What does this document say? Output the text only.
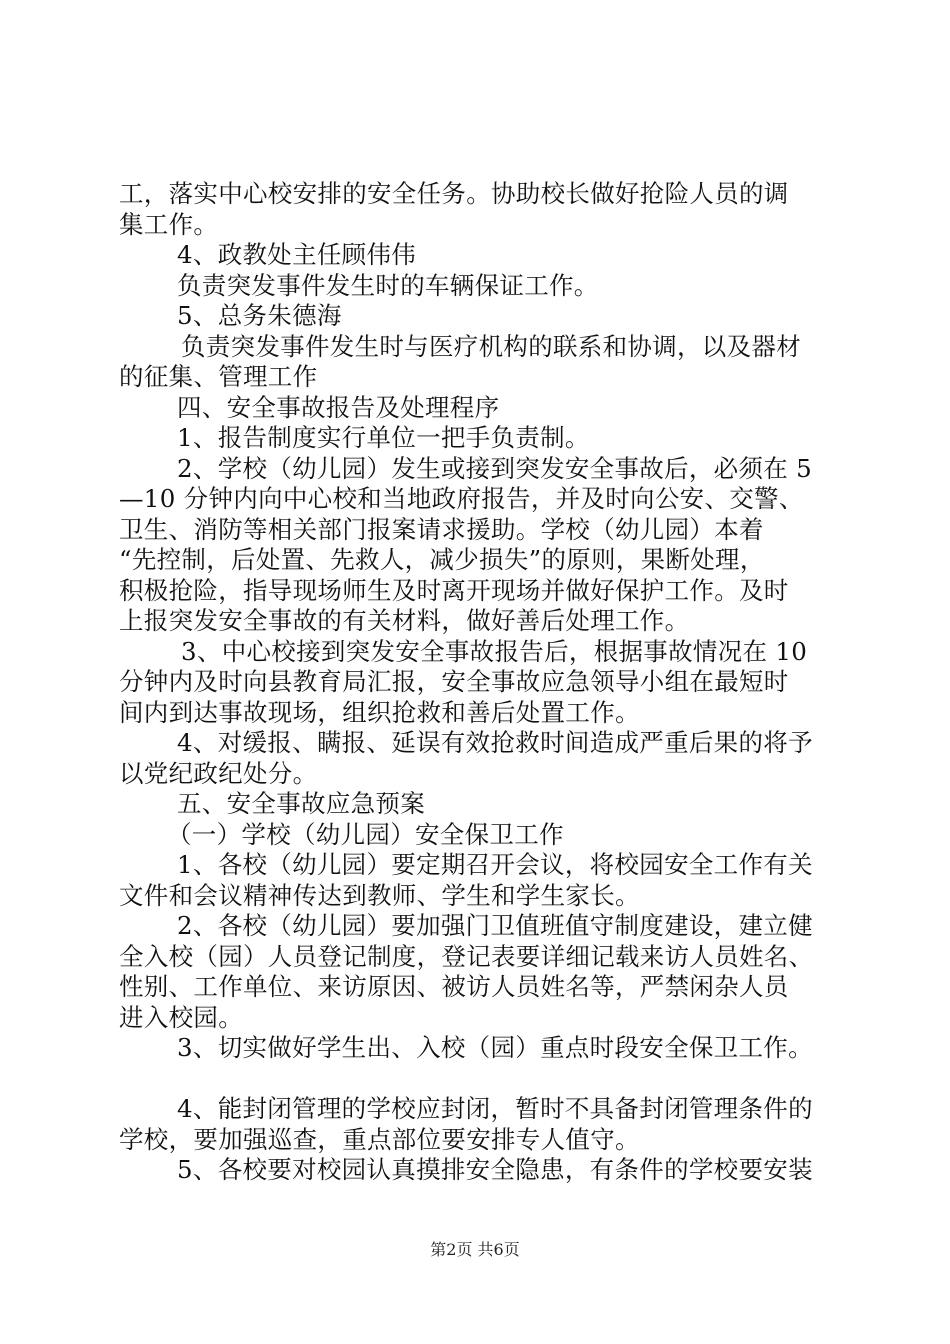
工，落实中心校安排的安全任务。协助校长做好抢险人员的调
集工作。
4、政教处主任顾伟伟
负责突发事件发生时的车辆保证工作。
5、总务朱德海
负责突发事件发生时与医疗机构的联系和协调，以及器材
的征集、管理工作
四、安全事故报告及处理程序
1、报告制度实行单位一把手负责制。
2、学校（幼儿园）发生或接到突发安全事故后，必须在 5
—10 分钟内向中心校和当地政府报告，并及时向公安、交警、
卫生、消防等相关部门报案请求援助。学校（幼儿园）本着
“先控制，后处置、先救人，减少损失”的原则，果断处理，
积极抢险，指导现场师生及时离开现场并做好保护工作。及时
上报突发安全事故的有关材料，做好善后处理工作。
3、中心校接到突发安全事故报告后，根据事故情况在 10
分钟内及时向县教育局汇报，安全事故应急领导小组在最短时
间内到达事故现场，组织抢救和善后处置工作。
4、对缓报、瞒报、延误有效抢救时间造成严重后果的将予
以党纪政纪处分。
五、安全事故应急预案
（一）学校（幼儿园）安全保卫工作
1、各校（幼儿园）要定期召开会议，将校园安全工作有关
文件和会议精神传达到教师、学生和学生家长。
2、各校（幼儿园）要加强门卫值班值守制度建设，建立健
全入校（园）人员登记制度，登记表要详细记载来访人员姓名、
性别、工作单位、来访原因、被访人员姓名等，严禁闲杂人员
进入校园。
3、切实做好学生出、入校（园）重点时段安全保卫工作。
4、能封闭管理的学校应封闭，暂时不具备封闭管理条件的
学校，要加强巡查，重点部位要安排专人值守。
5、各校要对校园认真摸排安全隐患，有条件的学校要安装
第2页 共6页
